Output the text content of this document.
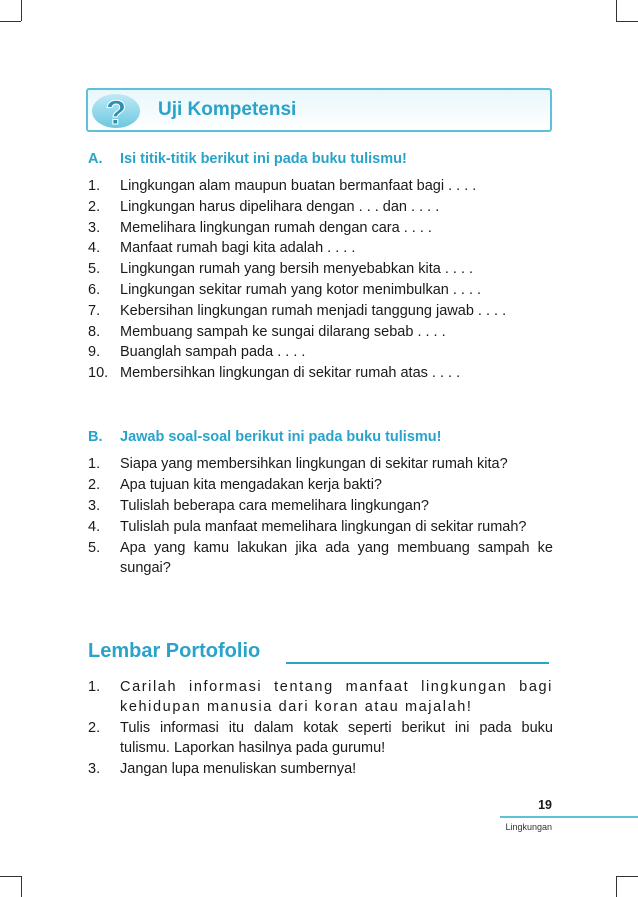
? Uji Kompetensi
A. Isi titik-titik berikut ini pada buku tulismu!
1. Lingkungan alam maupun buatan bermanfaat bagi . . . .
2. Lingkungan harus dipelihara dengan . . . dan . . . .
3. Memelihara lingkungan rumah dengan cara . . . .
4. Manfaat rumah bagi kita adalah . . . .
5. Lingkungan rumah yang bersih menyebabkan kita . . . .
6. Lingkungan sekitar rumah yang kotor menimbulkan . . . .
7. Kebersihan lingkungan rumah menjadi tanggung jawab . . . .
8. Membuang sampah ke sungai dilarang sebab . . . .
9. Buanglah sampah pada . . . .
10. Membersihkan lingkungan di sekitar rumah atas . . . .
B. Jawab soal-soal berikut ini pada buku tulismu!
1. Siapa yang membersihkan lingkungan di sekitar rumah kita?
2. Apa tujuan kita mengadakan kerja bakti?
3. Tulislah beberapa cara memelihara lingkungan?
4. Tulislah pula manfaat memelihara lingkungan di sekitar rumah?
5. Apa yang kamu lakukan jika ada yang membuang sampah ke sungai?
Lembar Portofolio
1. Carilah informasi tentang manfaat lingkungan bagi kehidupan manusia dari koran atau majalah!
2. Tulis informasi itu dalam kotak seperti berikut ini pada buku tulismu. Laporkan hasilnya pada gurumu!
3. Jangan lupa menuliskan sumbernya!
19
Lingkungan
